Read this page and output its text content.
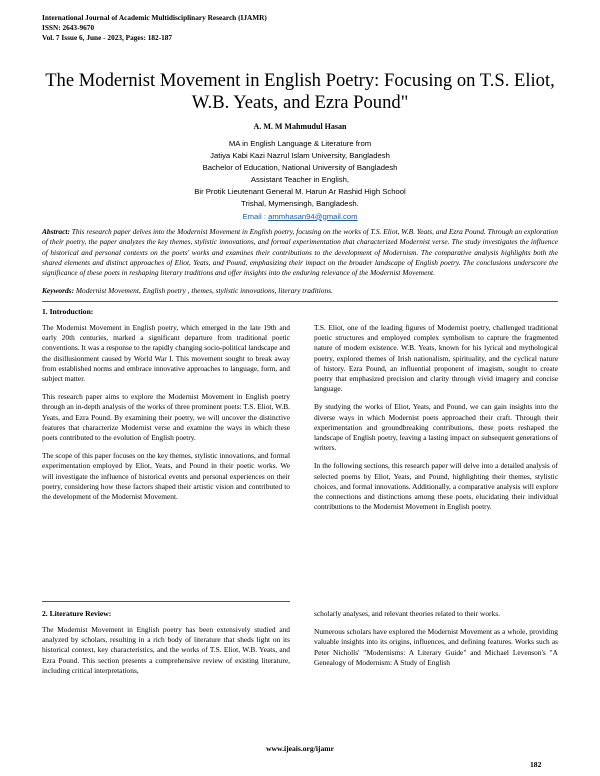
International Journal of Academic Multidisciplinary Research (IJAMR)
ISSN: 2643-9670
Vol. 7 Issue 6, June - 2023, Pages: 182-187
The Modernist Movement in English Poetry: Focusing on T.S. Eliot, W.B. Yeats, and Ezra Pound"
A. M. M Mahmudul Hasan
MA in English Language & Literature from
Jatiya Kabi Kazi Nazrul Islam University, Bangladesh
Bachelor of Education, National University of Bangladesh
Assistant Teacher in English,
Bir Protik Lieutenant General M. Harun Ar Rashid High School
Trishal, Mymensingh, Bangladesh.
Email : ammhasan94@gmail.com
Abstract: This research paper delves into the Modernist Movement in English poetry, focusing on the works of T.S. Eliot, W.B. Yeats, and Ezra Pound. Through an exploration of their poetry, the paper analyzes the key themes, stylistic innovations, and formal experimentation that characterized Modernist verse. The study investigates the influence of historical and personal contexts on the poets' works and examines their contributions to the development of Modernism. The comparative analysis highlights both the shared elements and distinct approaches of Eliot, Yeats, and Pound, emphasizing their impact on the broader landscape of English poetry. The conclusions underscore the significance of these poets in reshaping literary traditions and offer insights into the enduring relevance of the Modernist Movement.
Keywords: Modernist Movement, English poetry , themes, stylistic innovations, literary traditions.
1. Introduction:

The Modernist Movement in English poetry, which emerged in the late 19th and early 20th centuries, marked a significant departure from traditional poetic conventions. It was a response to the rapidly changing socio-political landscape and the disillusionment caused by World War I. This movement sought to break away from established norms and embrace innovative approaches to language, form, and subject matter.

This research paper aims to explore the Modernist Movement in English poetry through an in-depth analysis of the works of three prominent poets: T.S. Eliot, W.B. Yeats, and Ezra Pound. By examining their poetry, we will uncover the distinctive features that characterize Modernist verse and examine the ways in which these poets contributed to the evolution of English poetry.

The scope of this paper focuses on the key themes, stylistic innovations, and formal experimentation employed by Eliot, Yeats, and Pound in their poetic works. We will investigate the influence of historical events and personal experiences on their poetry, considering how these factors shaped their artistic vision and contributed to the development of the Modernist Movement.

T.S. Eliot, one of the leading figures of Modernist poetry, challenged traditional poetic structures and employed complex symbolism to capture the fragmented nature of modern existence. W.B. Yeats, known for his lyrical and mythological poetry, explored themes of Irish nationalism, spirituality, and the cyclical nature of history. Ezra Pound, an influential proponent of imagism, sought to create poetry that emphasized precision and clarity through vivid imagery and concise language.

By studying the works of Eliot, Yeats, and Pound, we can gain insights into the diverse ways in which Modernist poets approached their craft. Through their experimentation and groundbreaking contributions, these poets reshaped the landscape of English poetry, leaving a lasting impact on subsequent generations of writers.

In the following sections, this research paper will delve into a detailed analysis of selected poems by Eliot, Yeats, and Pound, highlighting their themes, stylistic choices, and formal innovations. Additionally, a comparative analysis will explore the connections and distinctions among these poets, elucidating their individual contributions to the Modernist Movement in English poetry.

2. Literature Review:

The Modernist Movement in English poetry has been extensively studied and analyzed by scholars, resulting in a rich body of literature that sheds light on its historical context, key characteristics, and the works of T.S. Eliot, W.B. Yeats, and Ezra Pound. This section presents a comprehensive review of existing literature, including critical interpretations,

scholarly analyses, and relevant theories related to their works.

Numerous scholars have explored the Modernist Movement as a whole, providing valuable insights into its origins, influences, and defining features. Works such as Peter Nicholls' "Modernisms: A Literary Guide" and Michael Levenson's "A Genealogy of Modernism: A Study of English

www.ijeais.org/ijamr
182
